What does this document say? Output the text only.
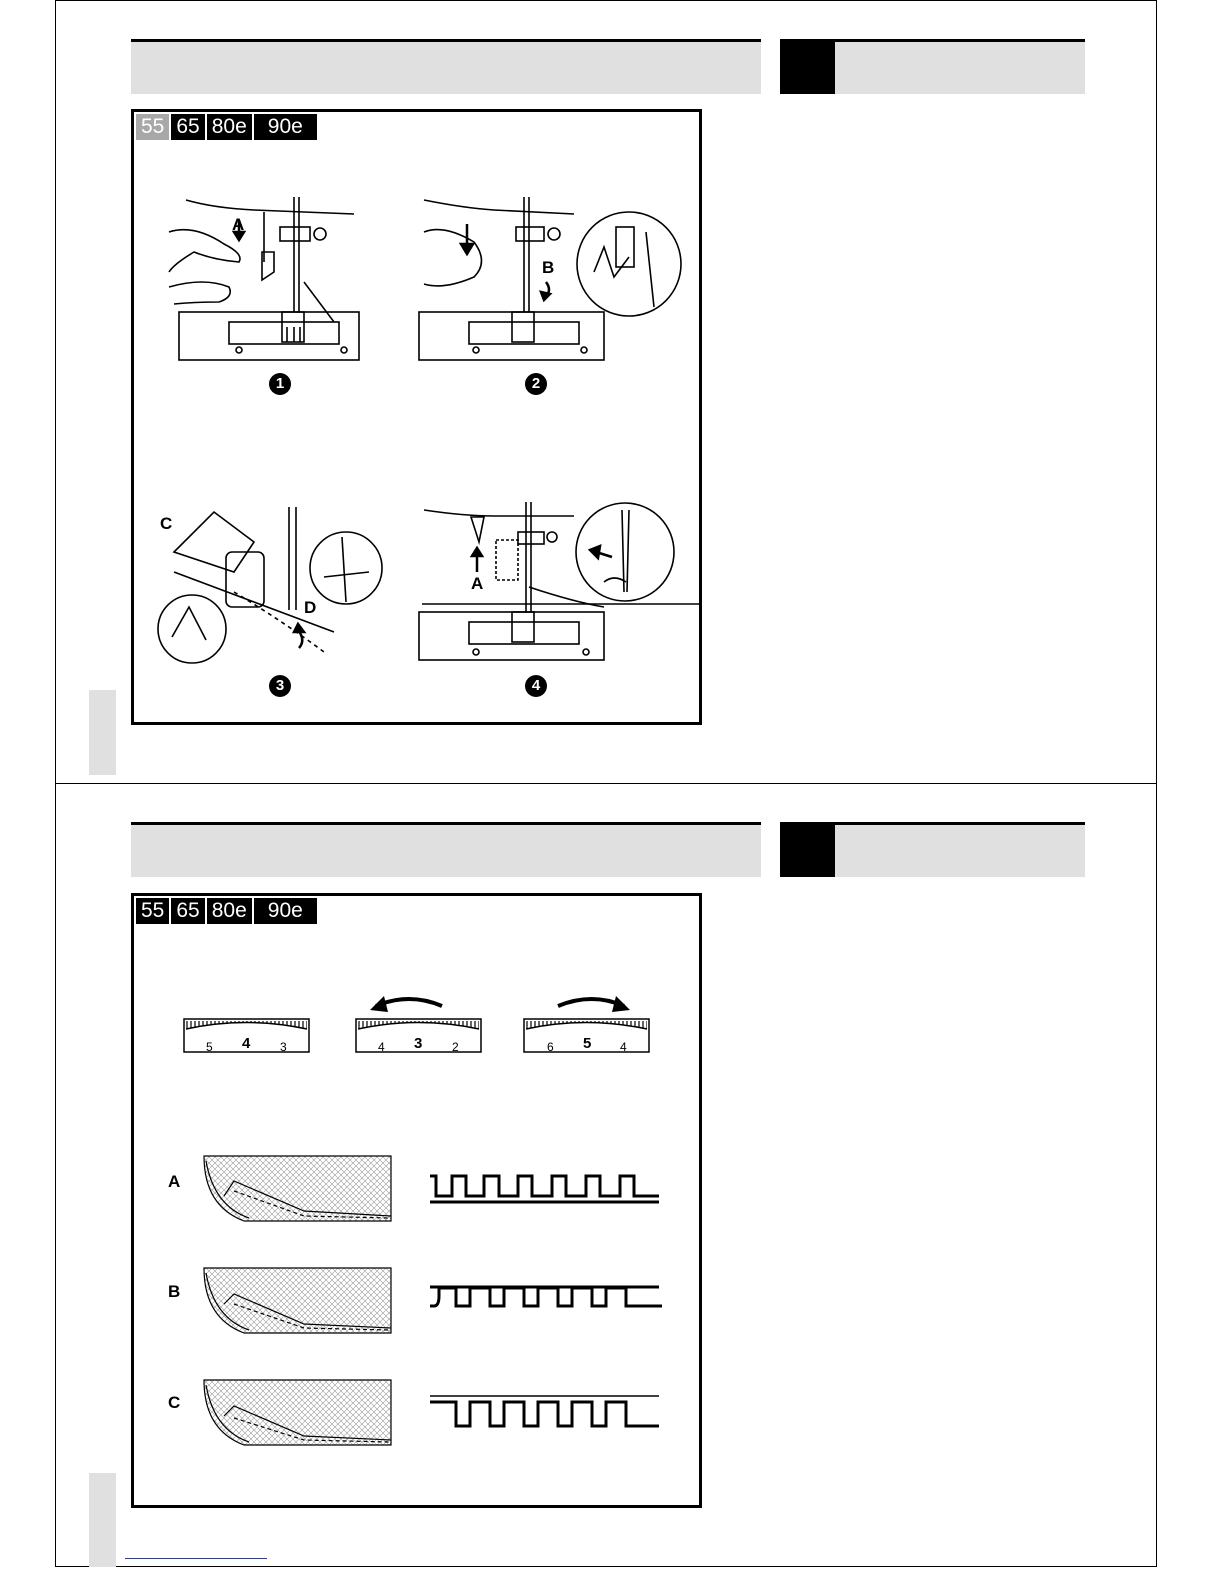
55 65 80e	90e
A
B
C
D
A
1	2
3	4
55 65 80e	90e
5 4 3	4 3 2	6 5 4
A
B
C
